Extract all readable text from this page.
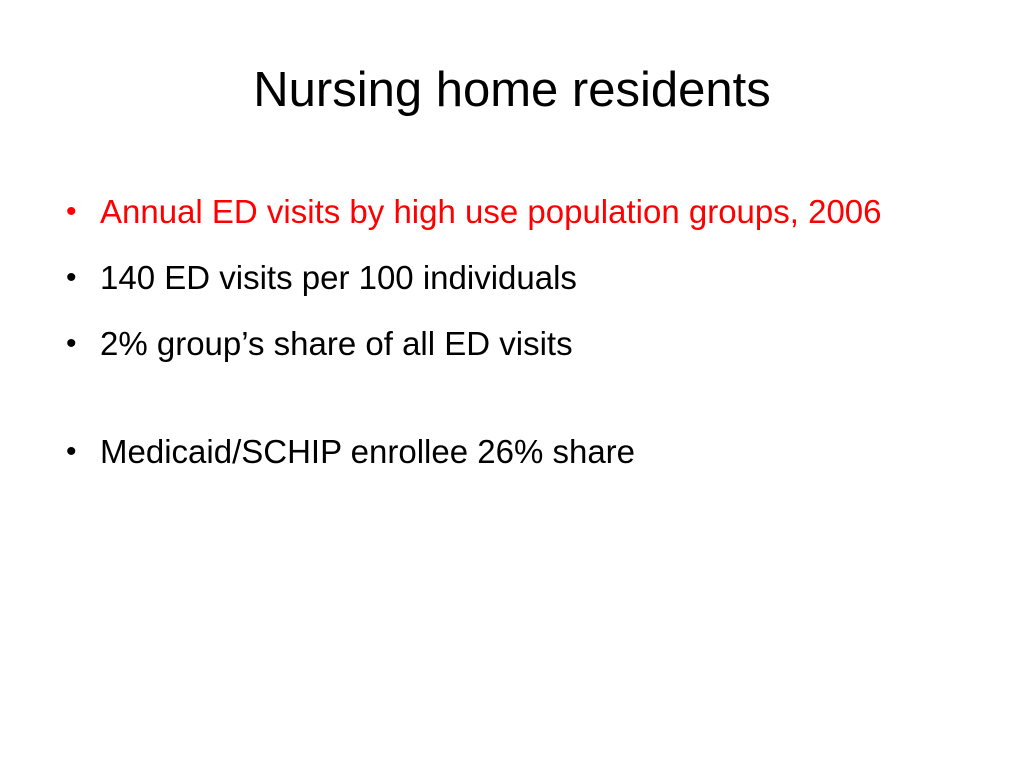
Nursing home residents
• Annual ED visits by high use population groups, 2006
• 140 ED visits per 100 individuals
• 2% group’s share of all ED visits
• Medicaid/SCHIP enrollee 26% share
